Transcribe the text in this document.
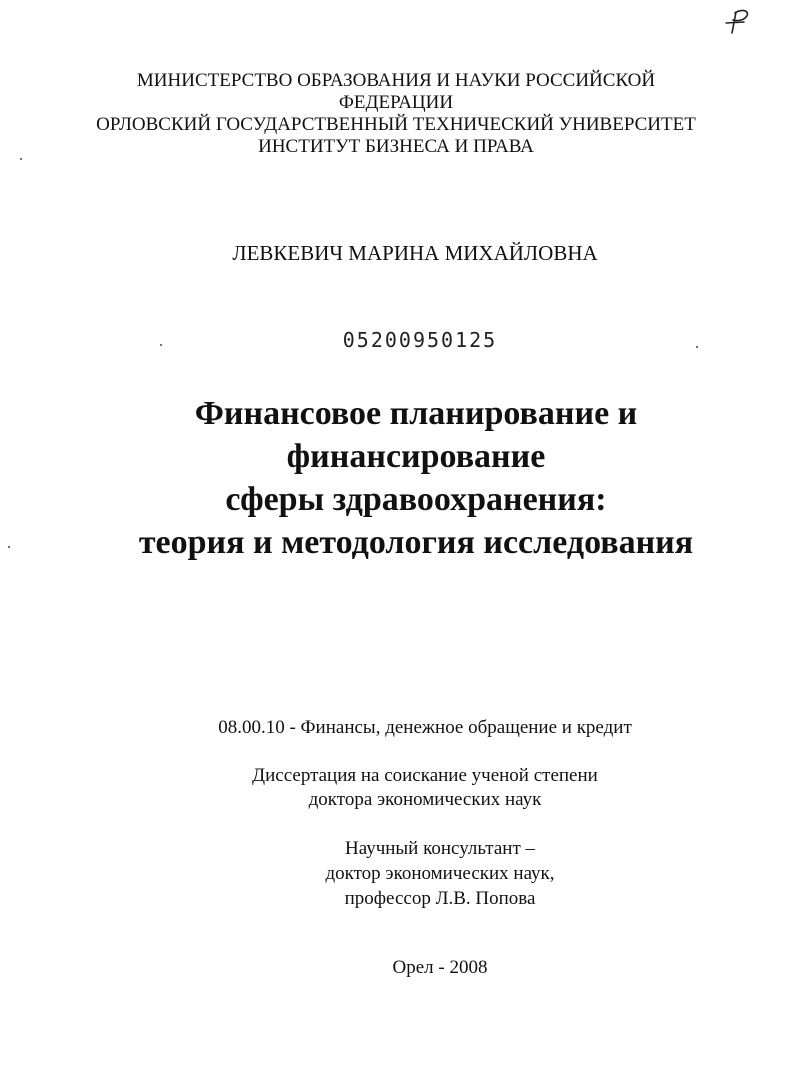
МИНИСТЕРСТВО ОБРАЗОВАНИЯ И НАУКИ РОССИЙСКОЙ
ФЕДЕРАЦИИ
ОРЛОВСКИЙ ГОСУДАРСТВЕННЫЙ ТЕХНИЧЕСКИЙ УНИВЕРСИТЕТ
ИНСТИТУТ БИЗНЕСА И ПРАВА
ЛЕВКЕВИЧ МАРИНА МИХАЙЛОВНА
05200950125
Финансовое планирование и
финансирование
сферы здравоохранения:
теория и методология исследования
08.00.10 - Финансы, денежное обращение и кредит
Диссертация на соискание ученой степени
доктора экономических наук
Научный консультант –
доктор экономических наук,
профессор Л.В. Попова
Орел - 2008
